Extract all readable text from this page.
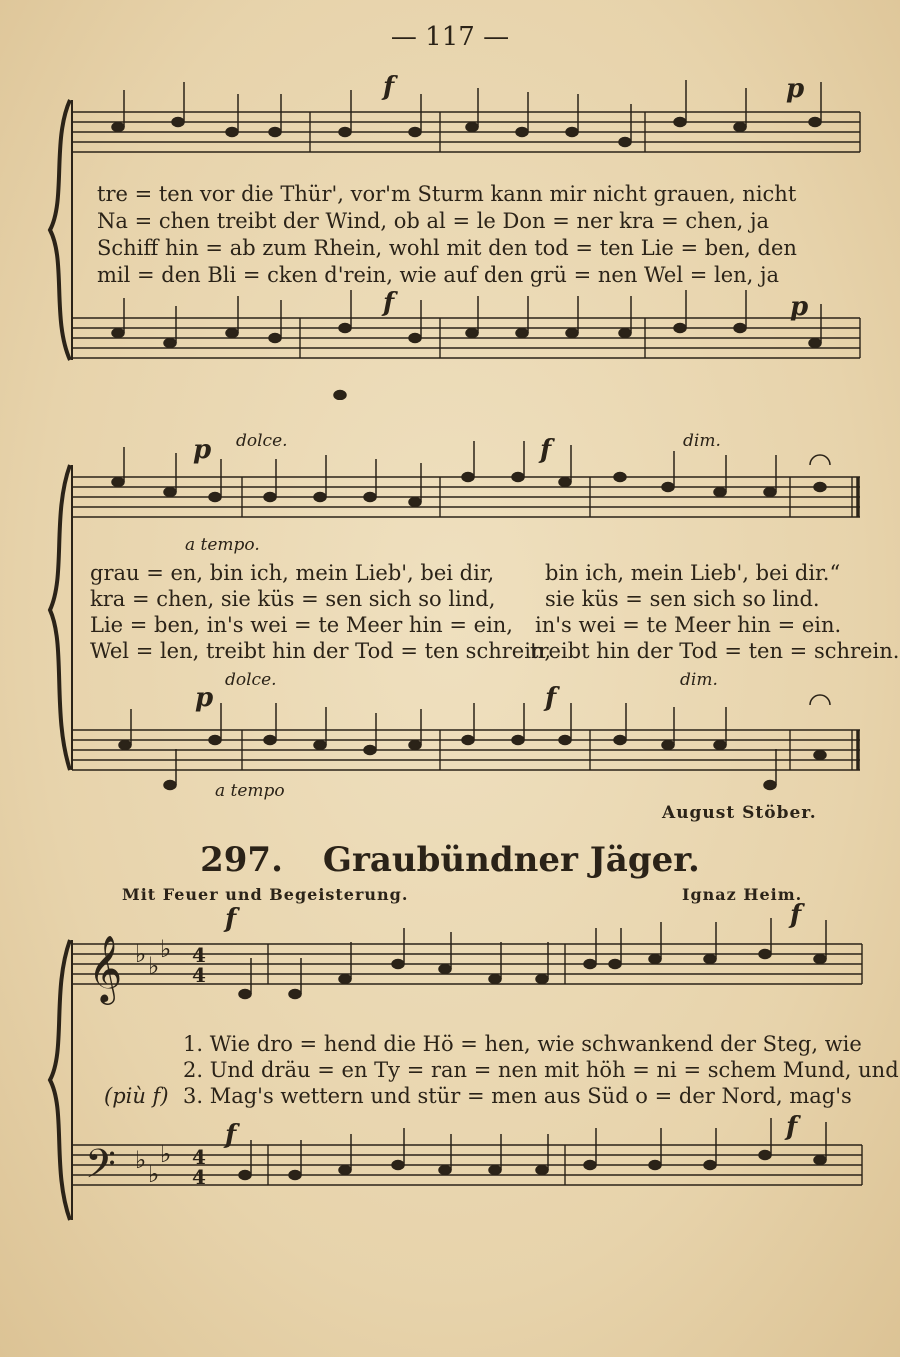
— 117 —
f	p
f	p
tre = ten vor die Thür', vor'm Sturm kann mir nicht grauen, nicht
Na = chen treibt der Wind, ob al = le Don = ner kra = chen, ja
Schiff hin = ab zum Rhein, wohl mit den tod = ten Lie = ben, den
mil = den Bli = cken d'rein, wie auf den grü = nen Wel = len, ja
dolce.	dim.
p	f
a tempo.
grau = en, bin ich, mein Lieb', bei dir,
kra = chen, sie küs = sen sich so lind,
Lie = ben, in's wei = te Meer hin = ein,
Wel = len, treibt hin der Tod = ten schrein,
bin ich, mein Lieb', bei dir.“
sie küs = sen sich so lind.
in's wei = te Meer hin = ein.
treibt hin der Tod = ten = schrein.
dolce.	dim.
p	f
a tempo
August Stöber.
297. Graubündner Jäger.
Mit Feuer und Begeisterung.	Ignaz Heim.
𝄞 ♭ ♭
♭ 4
4
𝄢 ♭ ♭
♭ 4
4
f	f
f	f
1. Wie dro = hend die Hö = hen, wie schwankend der Steg, wie
2. Und dräu = en Ty = ran = nen mit höh = ni = schem Mund, und
(più f) 3. Mag's wettern und stür = men aus Süd o = der Nord, mag's
